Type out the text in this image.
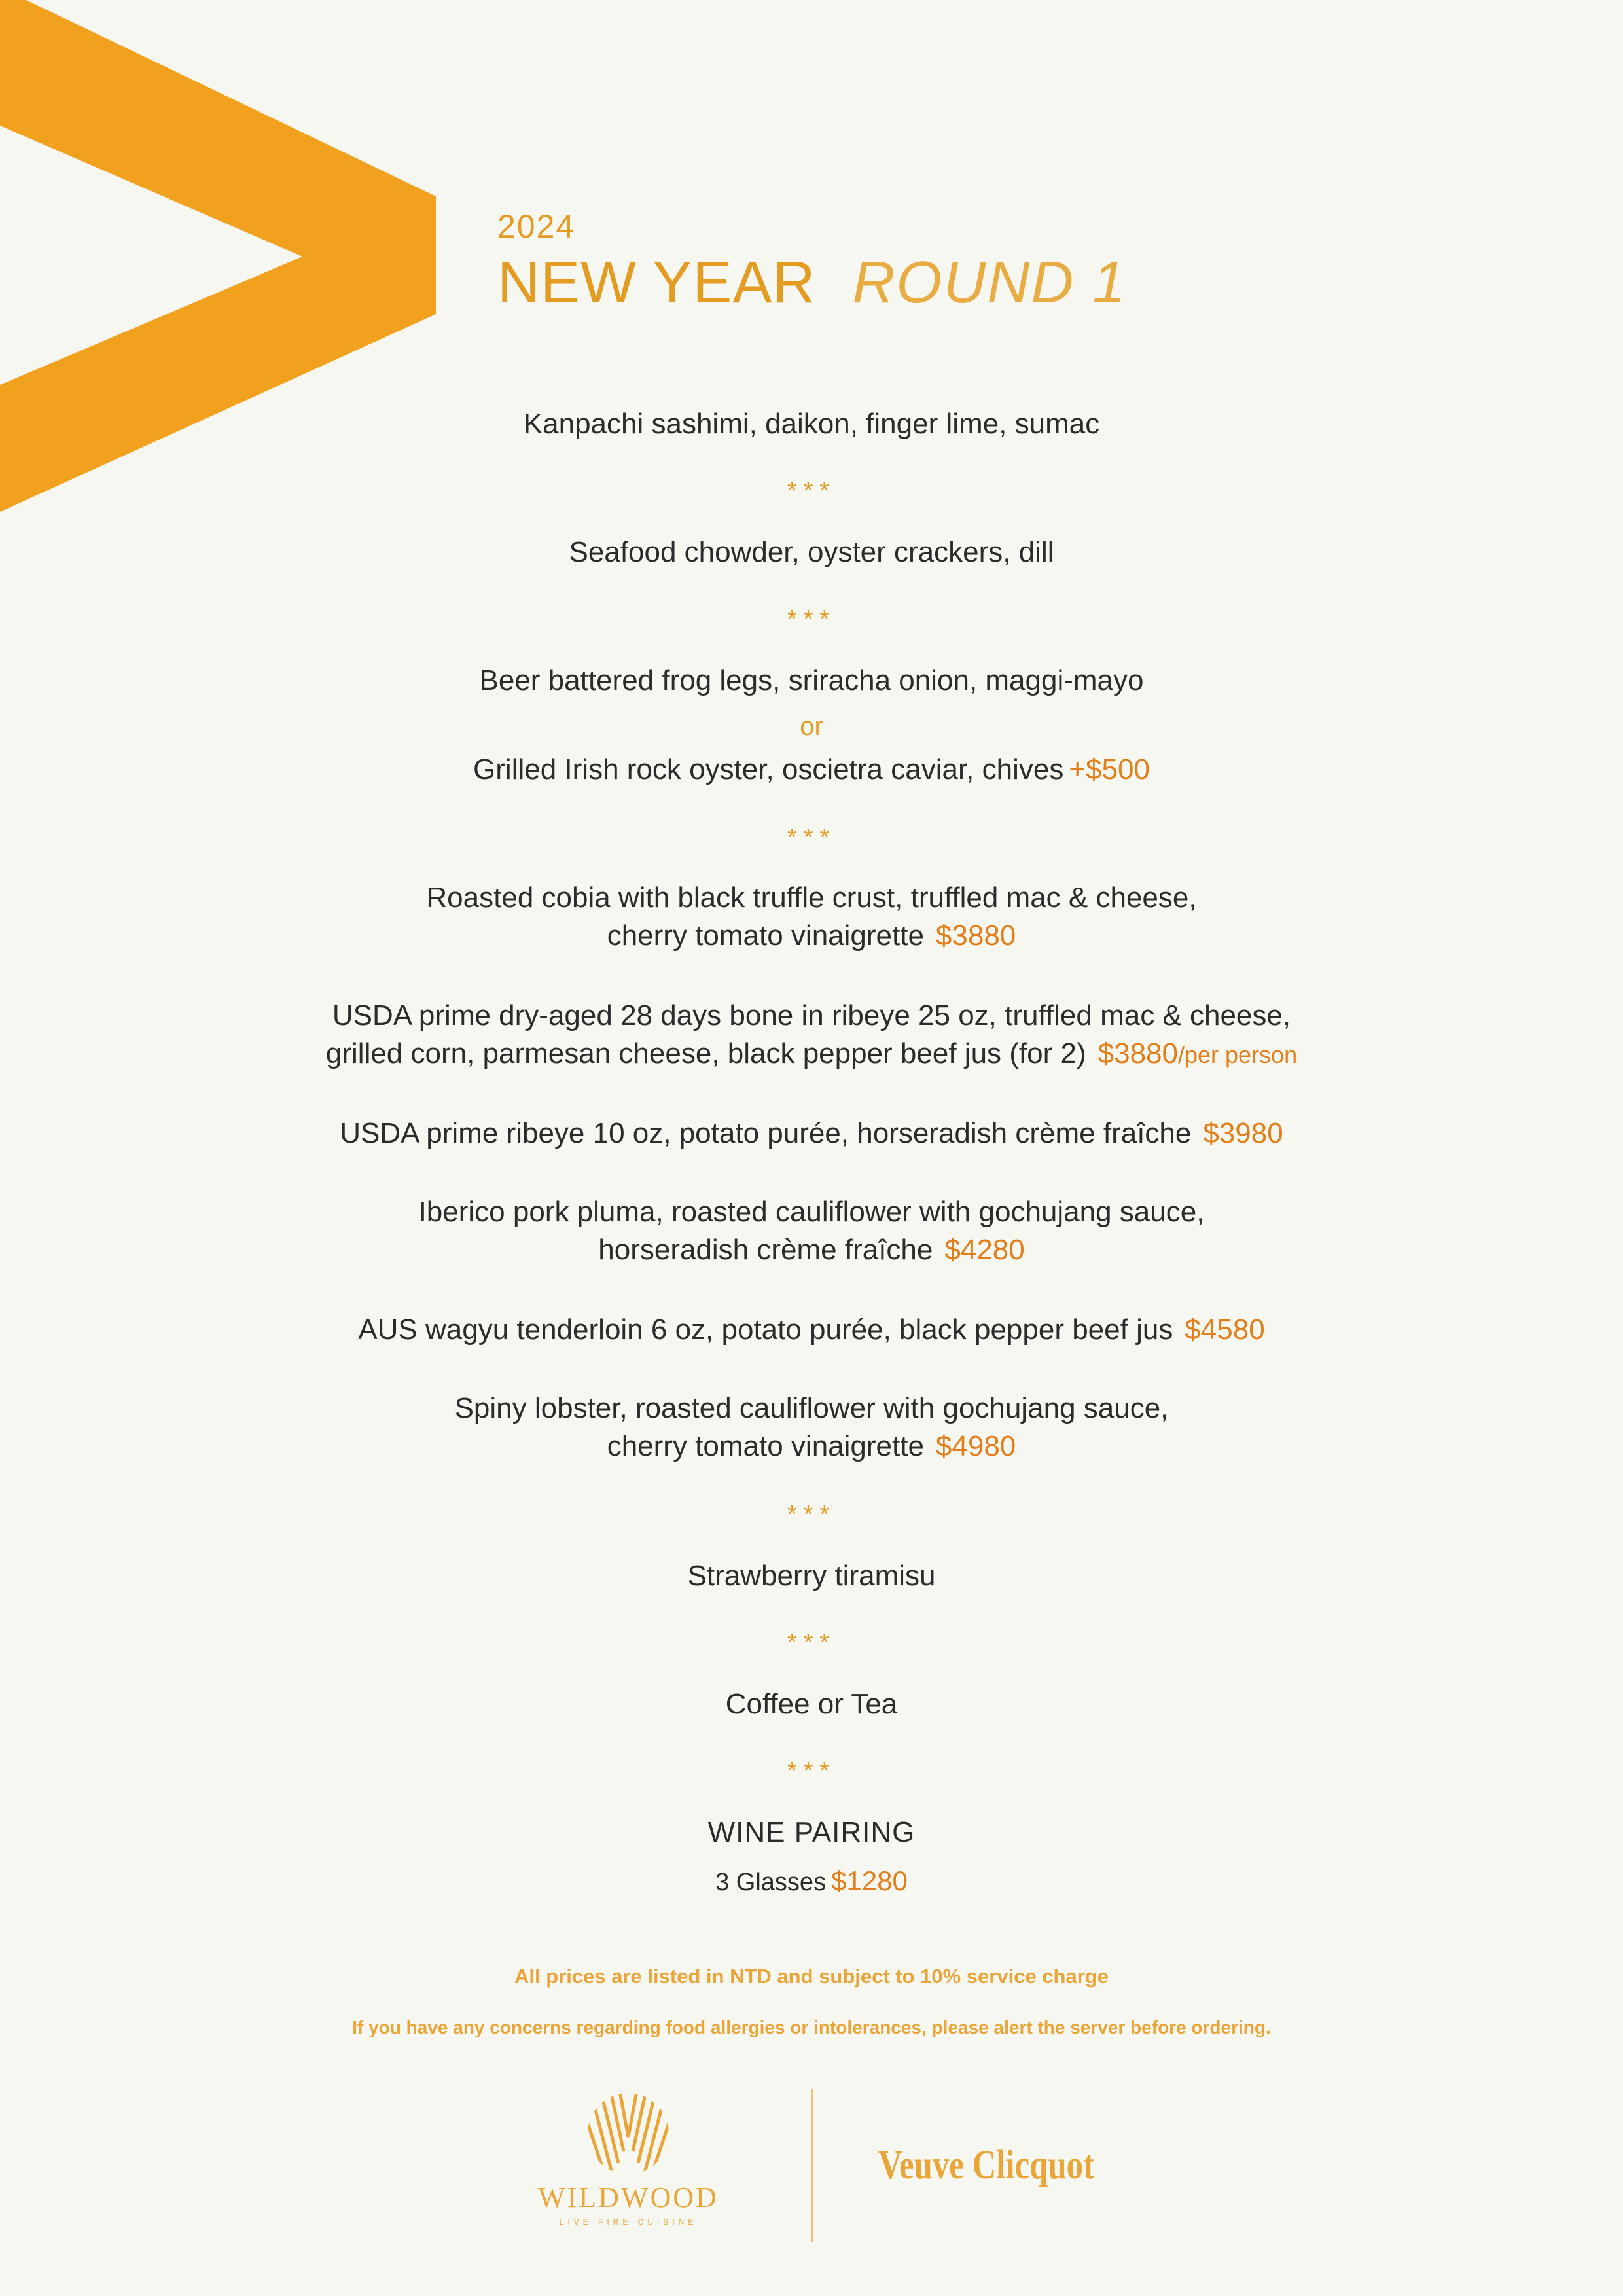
2024
NEW YEAR ROUND 1
Kanpachi sashimi, daikon, finger lime, sumac
***
Seafood chowder, oyster crackers, dill
***
Beer battered frog legs, sriracha onion, maggi-mayo
or
Grilled Irish rock oyster, oscietra caviar, chives +$500
***
Roasted cobia with black truffle crust, truffled mac & cheese,
cherry tomato vinaigrette $3880
USDA prime dry-aged 28 days bone in ribeye 25 oz, truffled mac & cheese,
grilled corn, parmesan cheese, black pepper beef jus (for 2) $3880/per person
USDA prime ribeye 10 oz, potato purée, horseradish crème fraîche $3980
Iberico pork pluma, roasted cauliflower with gochujang sauce,
horseradish crème fraîche $4280
AUS wagyu tenderloin 6 oz, potato purée, black pepper beef jus $4580
Spiny lobster, roasted cauliflower with gochujang sauce,
cherry tomato vinaigrette $4980
***
Strawberry tiramisu
***
Coffee or Tea
***
WINE PAIRING
3 Glasses $1280
All prices are listed in NTD and subject to 10% service charge
If you have any concerns regarding food allergies or intolerances, please alert the server before ordering.
WILDWOOD
LIVE FIRE CUISINE
Veuve Clicquot
